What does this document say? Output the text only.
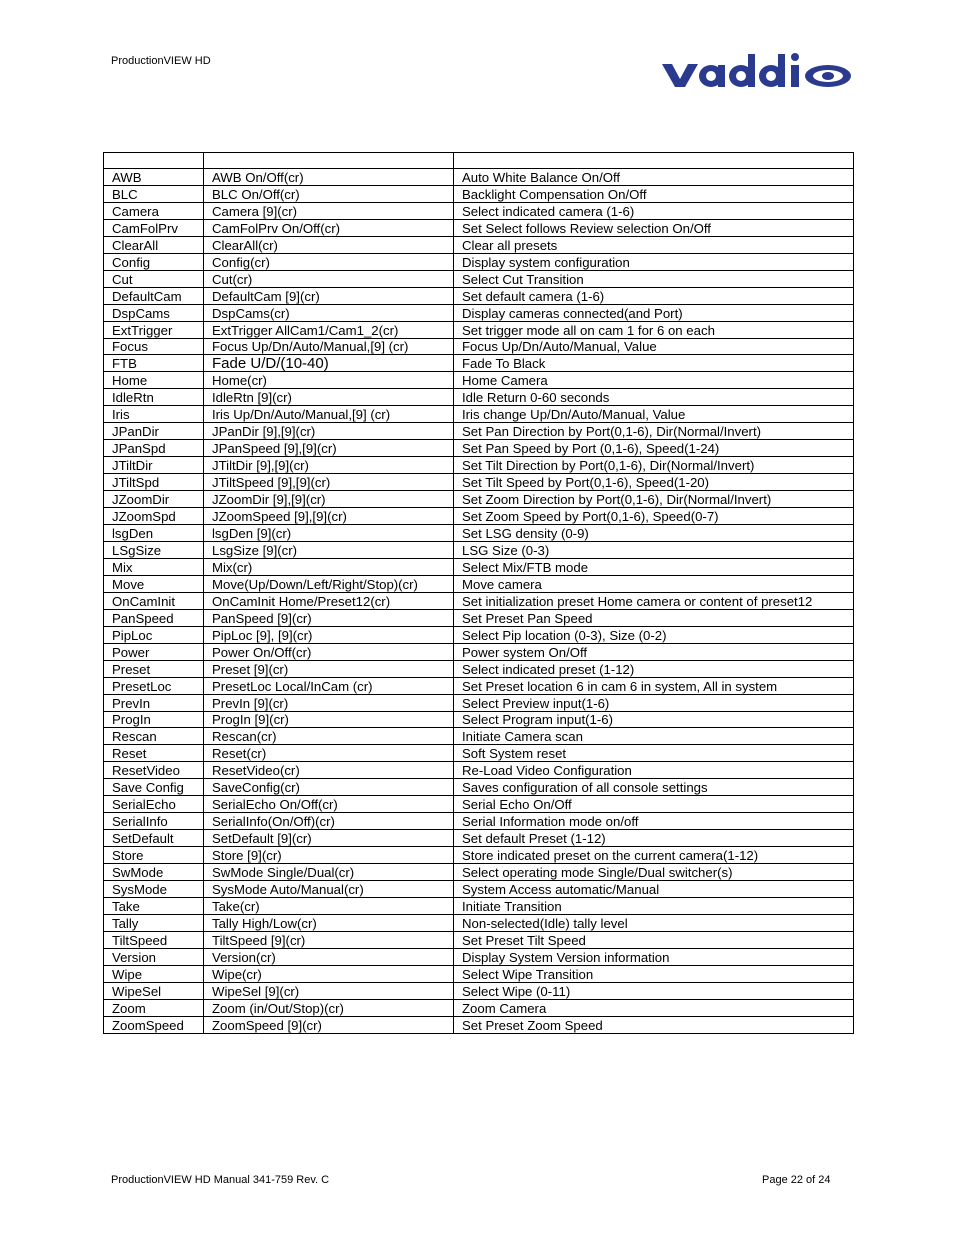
ProductionVIEW HD

AWB	AWB On/Off(cr)	Auto White Balance On/Off
BLC	BLC On/Off(cr)	Backlight Compensation On/Off
Camera	Camera [9](cr)	Select indicated camera (1-6)
CamFolPrv	CamFolPrv On/Off(cr)	Set Select follows Review selection On/Off
ClearAll	ClearAll(cr)	Clear all presets
Config	Config(cr)	Display system configuration
Cut	Cut(cr)	Select Cut Transition
DefaultCam	DefaultCam [9](cr)	Set default camera (1-6)
DspCams	DspCams(cr)	Display cameras connected(and Port)
ExtTrigger	ExtTrigger AllCam1/Cam1_2(cr)	Set trigger mode all on cam 1 for 6 on each
Focus	Focus Up/Dn/Auto/Manual,[9] (cr)	Focus Up/Dn/Auto/Manual, Value
FTB	Fade U/D/(10-40)	Fade To Black
Home	Home(cr)	Home Camera
IdleRtn	IdleRtn [9](cr)	Idle Return 0-60 seconds
Iris	Iris Up/Dn/Auto/Manual,[9] (cr)	Iris change Up/Dn/Auto/Manual, Value
JPanDir	JPanDir [9],[9](cr)	Set Pan Direction by Port(0,1-6), Dir(Normal/Invert)
JPanSpd	JPanSpeed [9],[9](cr)	Set Pan Speed by Port (0,1-6), Speed(1-24)
JTiltDir	JTiltDir [9],[9](cr)	Set Tilt Direction by Port(0,1-6), Dir(Normal/Invert)
JTiltSpd	JTiltSpeed [9],[9](cr)	Set Tilt Speed by Port(0,1-6), Speed(1-20)
JZoomDir	JZoomDir [9],[9](cr)	Set Zoom Direction by Port(0,1-6), Dir(Normal/Invert)
JZoomSpd	JZoomSpeed [9],[9](cr)	Set Zoom Speed by Port(0,1-6), Speed(0-7)
lsgDen	lsgDen [9](cr)	Set LSG density (0-9)
LSgSize	LsgSize [9](cr)	LSG Size (0-3)
Mix	Mix(cr)	Select Mix/FTB mode
Move	Move(Up/Down/Left/Right/Stop)(cr)	Move camera
OnCamInit	OnCamInit Home/Preset12(cr)	Set initialization preset Home camera or content of preset12
PanSpeed	PanSpeed [9](cr)	Set Preset Pan Speed
PipLoc	PipLoc [9], [9](cr)	Select Pip location (0-3), Size (0-2)
Power	Power On/Off(cr)	Power system On/Off
Preset	Preset [9](cr)	Select indicated preset (1-12)
PresetLoc	PresetLoc Local/InCam (cr)	Set Preset location 6 in cam 6 in system, All in system
PrevIn	PrevIn [9](cr)	Select Preview input(1-6)
ProgIn	ProgIn [9](cr)	Select Program input(1-6)
Rescan	Rescan(cr)	Initiate Camera scan
Reset	Reset(cr)	Soft System reset
ResetVideo	ResetVideo(cr)	Re-Load Video Configuration
Save Config	SaveConfig(cr)	Saves configuration of all console settings
SerialEcho	SerialEcho On/Off(cr)	Serial Echo On/Off
SerialInfo	SerialInfo(On/Off)(cr)	Serial Information mode on/off
SetDefault	SetDefault [9](cr)	Set default Preset (1-12)
Store	Store [9](cr)	Store indicated preset on the current camera(1-12)
SwMode	SwMode Single/Dual(cr)	Select operating mode Single/Dual switcher(s)
SysMode	SysMode Auto/Manual(cr)	System Access automatic/Manual
Take	Take(cr)	Initiate Transition
Tally	Tally High/Low(cr)	Non-selected(Idle) tally level
TiltSpeed	TiltSpeed [9](cr)	Set Preset Tilt Speed
Version	Version(cr)	Display System Version information
Wipe	Wipe(cr)	Select Wipe Transition
WipeSel	WipeSel [9](cr)	Select Wipe (0-11)
Zoom	Zoom (in/Out/Stop)(cr)	Zoom Camera
ZoomSpeed	ZoomSpeed [9](cr)	Set Preset Zoom Speed
ProductionVIEW HD Manual 341-759 Rev. C	Page 22 of 24
